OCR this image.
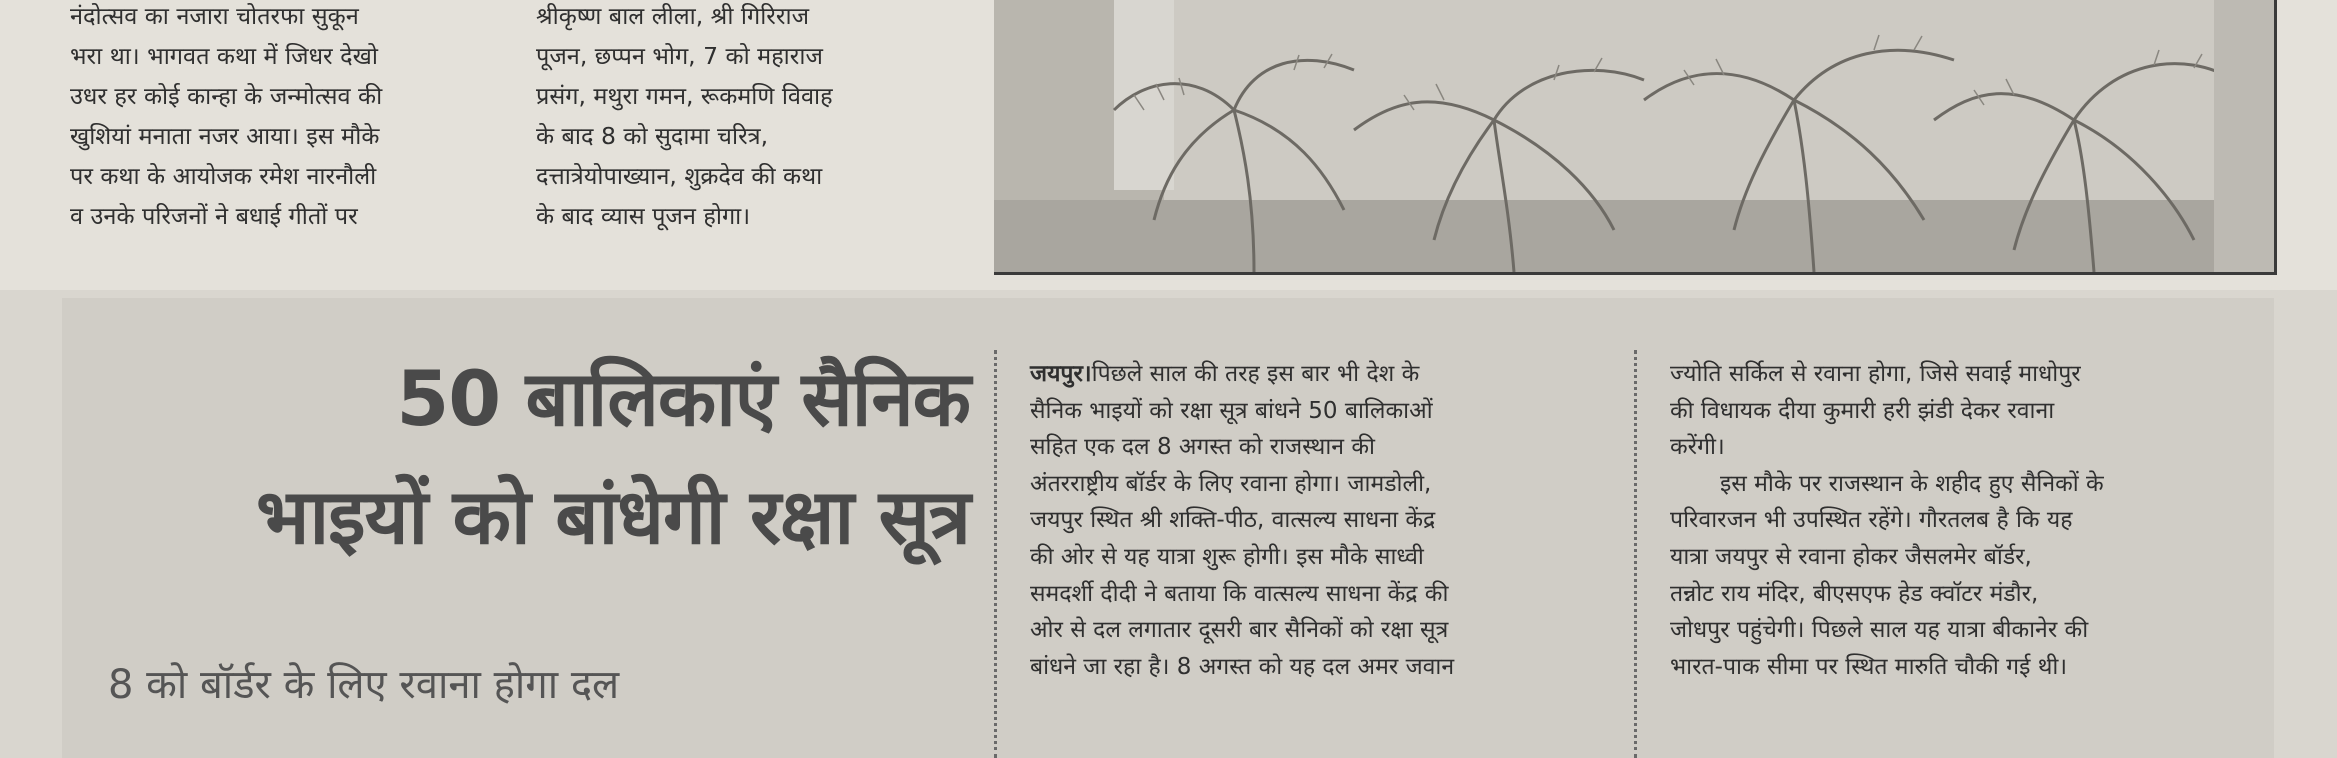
नंदोत्सव का नजारा चोतरफा सुकून
भरा था। भागवत कथा में जिधर देखो
उधर हर कोई कान्हा के जन्मोत्सव की
खुशियां मनाता नजर आया। इस मौके
पर कथा के आयोजक रमेश नारनौली
व उनके परिजनों ने बधाई गीतों पर
श्रीकृष्ण बाल लीला, श्री गिरिराज
पूजन, छप्पन भोग, 7 को महाराज
प्रसंग, मथुरा गमन, रूकमणि विवाह
के बाद 8 को सुदामा चरित्र,
दत्तात्रेयोपाख्यान, शुक्रदेव की कथा
के बाद व्यास पूजन होगा।
50 बालिकाएं सैनिक
भाइयों को बांधेगी रक्षा सूत्र
8 को बॉर्डर के लिए रवाना होगा दल
जयपुर।पिछले साल की तरह इस बार भी देश के
सैनिक भाइयों को रक्षा सूत्र बांधने 50 बालिकाओं
सहित एक दल 8 अगस्त को राजस्थान की
अंतरराष्ट्रीय बॉर्डर के लिए रवाना होगा। जामडोली,
जयपुर स्थित श्री शक्ति-पीठ, वात्सल्य साधना केंद्र
की ओर से यह यात्रा शुरू होगी। इस मौके साध्वी
समदर्शी दीदी ने बताया कि वात्सल्य साधना केंद्र की
ओर से दल लगातार दूसरी बार सैनिकों को रक्षा सूत्र
बांधने जा रहा है। 8 अगस्त को यह दल अमर जवान
ज्योति सर्किल से रवाना होगा, जिसे सवाई माधोपुर
की विधायक दीया कुमारी हरी झंडी देकर रवाना
करेंगी।
इस मौके पर राजस्थान के शहीद हुए सैनिकों के
परिवारजन भी उपस्थित रहेंगे। गौरतलब है कि यह
यात्रा जयपुर से रवाना होकर जैसलमेर बॉर्डर,
तन्नोट राय मंदिर, बीएसएफ हेड क्वॉटर मंडौर,
जोधपुर पहुंचेगी। पिछले साल यह यात्रा बीकानेर की
भारत-पाक सीमा पर स्थित मारुति चौकी गई थी।
